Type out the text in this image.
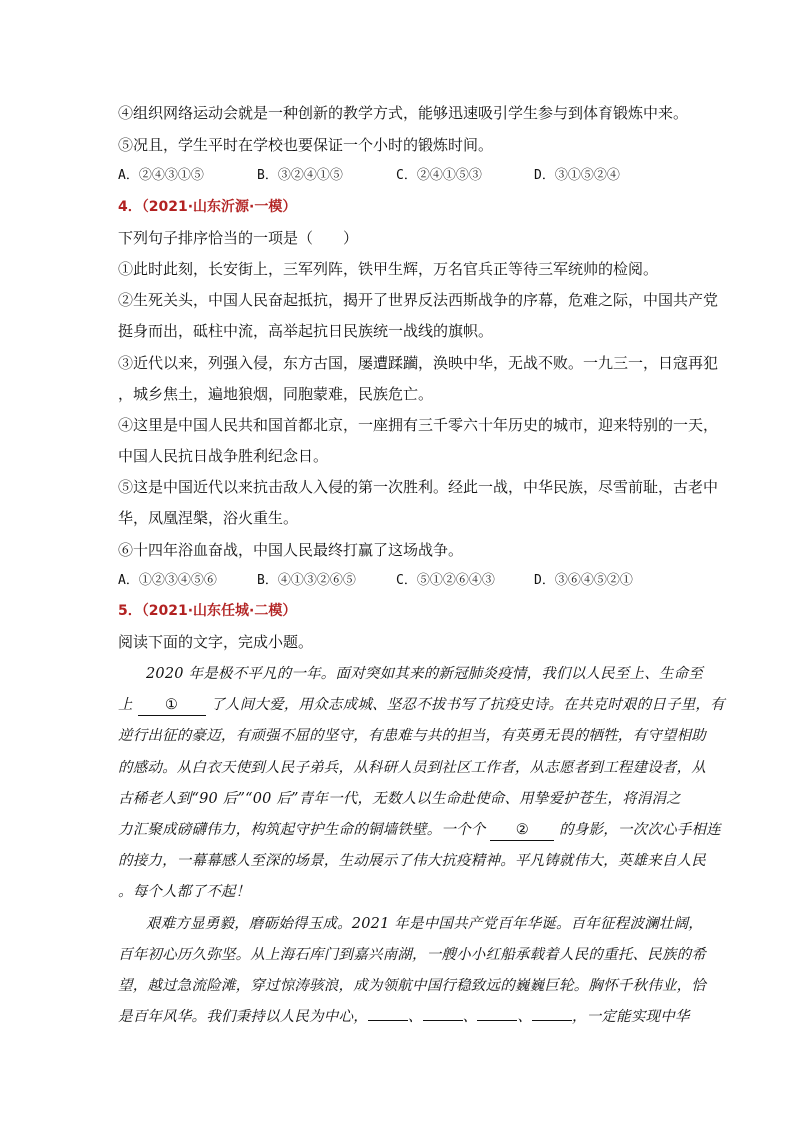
④组织网络运动会就是一种创新的教学方式，能够迅速吸引学生参与到体育锻炼中来。
⑤况且，学生平时在学校也要保证一个小时的锻炼时间。
A．②④③①⑤	B．③②④①⑤	C．②④①⑤③	D．③①⑤②④
4．（2021·山东沂源·一模）
下列句子排序恰当的一项是（　　）
①此时此刻，长安街上，三军列阵，铁甲生辉，万名官兵正等待三军统帅的检阅。
②生死关头，中国人民奋起抵抗，揭开了世界反法西斯战争的序幕，危难之际，中国共产党
挺身而出，砥柱中流，高举起抗日民族统一战线的旗帜。
③近代以来，列强入侵，东方古国，屡遭蹂躏，涣映中华，无战不败。一九三一，日寇再犯
，城乡焦土，遍地狼烟，同胞蒙难，民族危亡。
④这里是中国人民共和国首都北京，一座拥有三千零六十年历史的城市，迎来特别的一天，
中国人民抗日战争胜利纪念日。
⑤这是中国近代以来抗击敌人入侵的第一次胜利。经此一战，中华民族，尽雪前耻，古老中
华，凤凰涅槃，浴火重生。
⑥十四年浴血奋战，中国人民最终打赢了这场战争。
A．①②③④⑤⑥	B．④①③②⑥⑤	C．⑤①②⑥④③	D．③⑥④⑤②①
5．（2021·山东任城·二模）
阅读下面的文字，完成小题。
2020 年是极不平凡的一年。面对突如其来的新冠肺炎疫情，我们以人民至上、生命至
上 ① 了人间大爱，用众志成城、坚忍不拔书写了抗疫史诗。在共克时艰的日子里，有
逆行出征的豪迈，有顽强不屈的坚守，有患难与共的担当，有英勇无畏的牺牲，有守望相助
的感动。从白衣天使到人民子弟兵，从科研人员到社区工作者，从志愿者到工程建设者，从
古稀老人到“90 后”“00 后”青年一代，无数人以生命赴使命、用挚爱护苍生，将涓涓之
力汇聚成磅礴伟力，构筑起守护生命的铜墙铁壁。一个个 ② 的身影，一次次心手相连
的接力，一幕幕感人至深的场景，生动展示了伟大抗疫精神。平凡铸就伟大，英雄来自人民
。每个人都了不起！
艰难方显勇毅，磨砺始得玉成。2021 年是中国共产党百年华诞。百年征程波澜壮阔，
百年初心历久弥坚。从上海石库门到嘉兴南湖，一艘小小红船承载着人民的重托、民族的希
望，越过急流险滩，穿过惊涛骇浪，成为领航中国行稳致远的巍巍巨轮。胸怀千秋伟业，恰
是百年风华。我们秉持以人民为中心，	、	、	、	，一定能实现中华
